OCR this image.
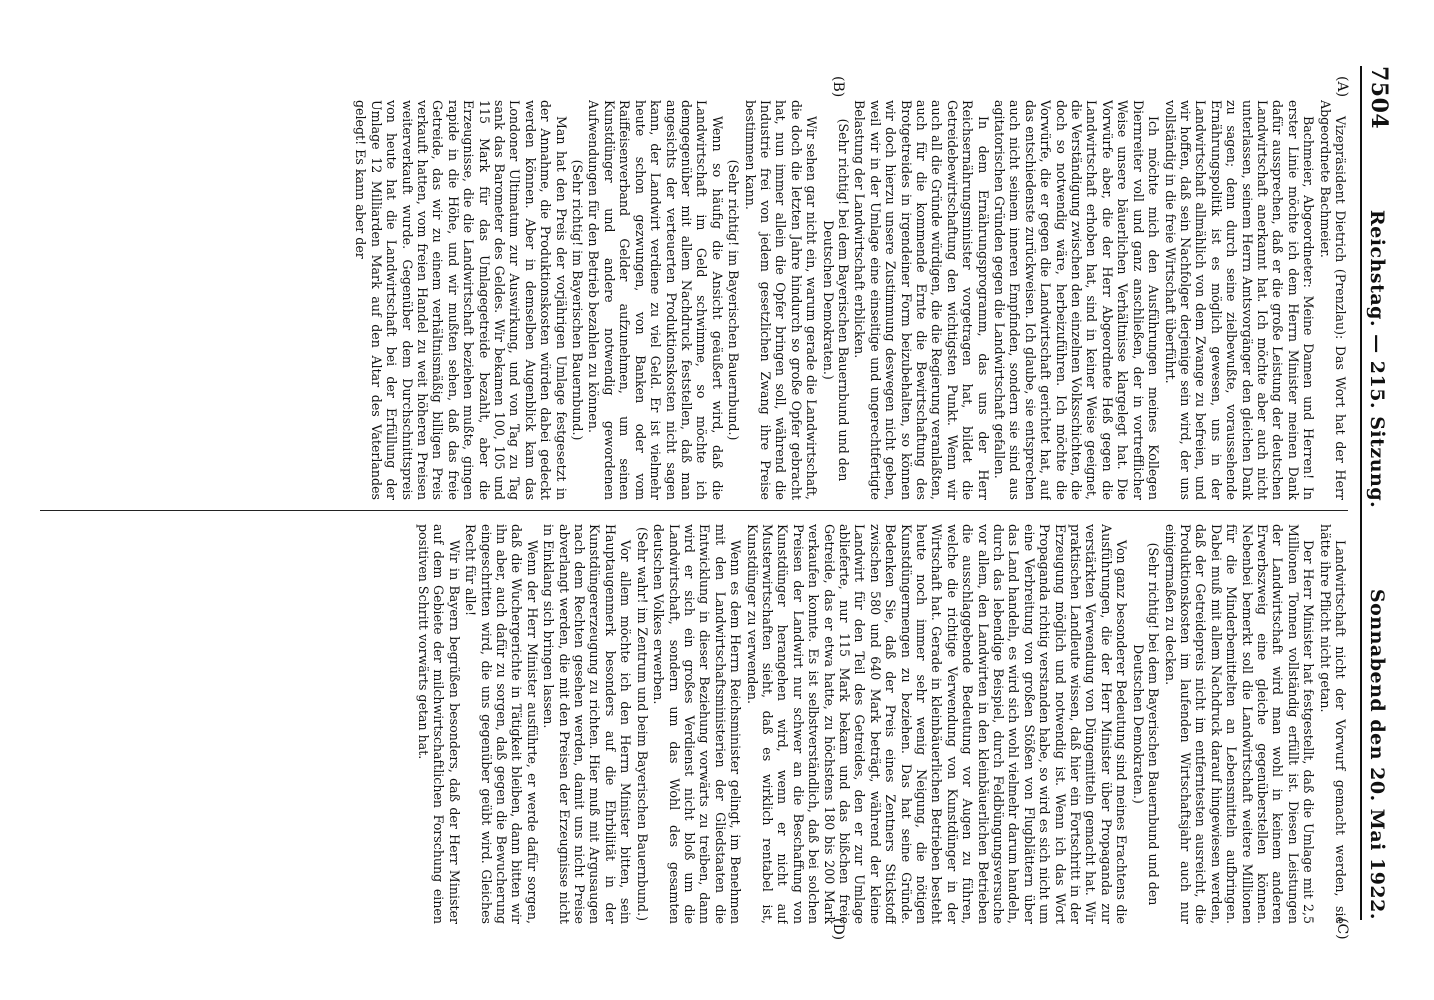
7504
Reichstag. — 215. Sitzung.
Sonnabend den 20. Mai 1922.
(A)
(B)
(C)
(D)

Vizepräsident Dietrich (Prenzlau): Das Wort hat der Herr Abgeordnete Bachmeier.

Bachmeier, Abgeordneter: Meine Damen und Herren! In erster Linie möchte ich dem Herrn Minister meinen Dank dafür aussprechen, daß er die große Leistung der deutschen Landwirtschaft anerkannt hat. Ich möchte aber auch nicht unterlassen, seinem Herrn Amtsvorgänger den gleichen Dank zu sagen; denn durch seine zielbewußte, voraussehende Ernährungspolitik ist es möglich gewesen, uns in der Landwirtschaft allmählich von dem Zwange zu befreien, und wir hoffen, daß sein Nachfolger derjenige sein wird, der uns vollständig in die freie Wirtschaft überführt.

Ich möchte mich den Ausführungen meines Kollegen Diernreiter voll und ganz anschließen, der in vortrefflicher Weise unsere bäuerlichen Verhältnisse klargelegt hat. Die Vorwürfe aber, die der Herr Abgeordnete Heß gegen die Landwirtschaft erhoben hat, sind in keiner Weise geeignet, die Verständigung zwischen den einzelnen Volksschichten, die doch so notwendig wäre, herbeizuführen. Ich möchte die Vorwürfe, die er gegen die Landwirtschaft gerichtet hat, auf das entschiedenste zurückweisen. Ich glaube, sie entsprechen auch nicht seinem inneren Empfinden, sondern sie sind aus agitatorischen Gründen gegen die Landwirtschaft gefallen.

In dem Ernährungsprogramm, das uns der Herr Reichsernährungsminister vorgetragen hat, bildet die Getreidebewirtschaftung den wichtigsten Punkt. Wenn wir auch all die Gründe würdigen, die die Regierung veranlaßten, auch für die kommende Ernte die Bewirtschaftung des Brotgetreides in irgendeiner Form beizubehalten, so können wir doch hierzu unsere Zustimmung deswegen nicht geben, weil wir in der Umlage eine einseitige und ungerechtfertigte Belastung der Landwirtschaft erblicken.

(Sehr richtig! bei dem Bayerischen Bauernbund und den Deutschen Demokraten.)

Wir sehen gar nicht ein, warum gerade die Landwirtschaft, die doch die letzten Jahre hindurch so große Opfer gebracht hat, nun immer allein die Opfer bringen soll, während die Industrie frei von jedem gesetzlichen Zwang ihre Preise bestimmen kann.

(Sehr richtig! im Bayerischen Bauernbund.)

Wenn so häufig die Ansicht geäußert wird, daß die Landwirtschaft im Geld schwimme, so möchte ich demgegenüber mit allem Nachdruck feststellen, daß man angesichts der verteuerten Produktionskosten nicht sagen kann, der Landwirt verdiene zu viel Geld. Er ist vielmehr heute schon gezwungen, von Banken oder vom Raiffeisenverband Gelder aufzunehmen, um seinen Kunstdünger und andere notwendig gewordenen Aufwendungen für den Betrieb bezahlen zu können.

(Sehr richtig! im Bayerischen Bauernbund.)

Man hat den Preis der vorjährigen Umlage festgesetzt in der Annahme, die Produktionskosten würden dabei gedeckt werden können. Aber in demselben Augenblick kam das Londoner Ultimatum zur Auswirkung, und von Tag zu Tag sank das Barometer des Geldes. Wir bekamen 100, 105 und 115 Mark für das Umlagegetreide bezahlt, aber die Erzeugnisse, die die Landwirtschaft beziehen mußte, gingen rapide in die Höhe, und wir mußten sehen, daß das freie Getreide, das wir zu einem verhältnismäßig billigen Preis verkauft hatten, vom freien Handel zu weit höheren Preisen weiterverkauft wurde. Gegenüber dem Durchschnittspreis von heute hat die Landwirtschaft bei der Erfüllung der Umlage 12 Milliarden Mark auf den Altar des Vaterlandes gelegt! Es kann aber der

Landwirtschaft nicht der Vorwurf gemacht werden, sie hätte ihre Pflicht nicht getan.

Der Herr Minister hat festgestellt, daß die Umlage mit 2,5 Millionen Tonnen vollständig erfüllt ist. Diesen Leistungen der Landwirtschaft wird man wohl in keinem anderen Erwerbszweig eine gleiche gegenüberstellen können. Nebenbei bemerkt soll die Landwirtschaft weitere Millionen für die Minderbemittelten an Lebensmitteln aufbringen. Dabei muß mit allem Nachdruck darauf hingewiesen werden, daß der Getreidepreis nicht im entferntesten ausreicht, die Produktionskosten im laufenden Wirtschaftsjahr auch nur einigermaßen zu decken.

(Sehr richtig! bei dem Bayerischen Bauernbund und den Deutschen Demokraten.)

Von ganz besonderer Bedeutung sind meines Erachtens die Ausführungen, die der Herr Minister über Propaganda zur verstärkten Verwendung von Düngemitteln gemacht hat. Wir praktischen Landleute wissen, daß hier ein Fortschritt in der Erzeugung möglich und notwendig ist. Wenn ich das Wort Propaganda richtig verstanden habe, so wird es sich nicht um eine Verbreitung von großen Stößen von Flugblättern über das Land handeln, es wird sich wohl vielmehr darum handeln, durch das lebendige Beispiel, durch Feldbüngungsversuche vor allem, den Landwirten in den kleinbäuerlichen Betrieben die ausschlaggebende Bedeutung vor Augen zu führen, welche die richtige Verwendung von Kunstdünger in der Wirtschaft hat. Gerade in kleinbäuerlichen Betrieben besteht heute noch immer sehr wenig Neigung, die nötigen Kunstdüngermengen zu beziehen. Das hat seine Gründe. Bedenken Sie, daß der Preis eines Zentners Stickstoff zwischen 580 und 640 Mark beträgt, während der kleine Landwirt für den Teil des Getreides, den er zur Umlage ablieferte, nur 115 Mark bekam und das bißchen freie Getreide, das er etwa hatte, zu höchstens 180 bis 200 Mark verkaufen konnte. Es ist selbstverständlich, daß bei solchen Preisen der Landwirt nur schwer an die Beschaffung von Kunstdünger herangehen wird, wenn er nicht auf Musterwirtschaften sieht, daß es wirklich rentabel ist, Kunstdünger zu verwenden.

Wenn es dem Herrn Reichsminister gelingt, im Benehmen mit den Landwirtschaftsministerien der Gliedstaaten die Entwicklung in dieser Beziehung vorwärts zu treiben, dann wird er sich ein großes Verdienst nicht bloß um die Landwirtschaft, sondern um das Wohl des gesamten deutschen Volkes erwerben.

(Sehr wahr! im Zentrum und beim Bayerischen Bauernbund.)

Vor allem möchte ich den Herrn Minister bitten, sein Hauptaugenmerk besonders auf die Ehrbilität in der Kunstdüngererzeugung zu richten. Hier muß mit Argusaugen nach dem Rechten gesehen werden, damit uns nicht Preise abverlangt werden, die mit den Preisen der Erzeugnisse nicht in Einklang sich bringen lassen.

Wenn der Herr Minister ausführte, er werde dafür sorgen, daß die Wuchergerichte in Tätigkeit bleiben, dann bitten wir ihn aber, auch dafür zu sorgen, daß gegen die Bewucherung eingeschritten wird, die uns gegenüber geübt wird. Gleiches Recht für alle!

Wir in Bayern begrüßen besonders, daß der Herr Minister auf dem Gebiete der milchwirtschaftlichen Forschung einen positiven Schritt vorwärts getan hat.
